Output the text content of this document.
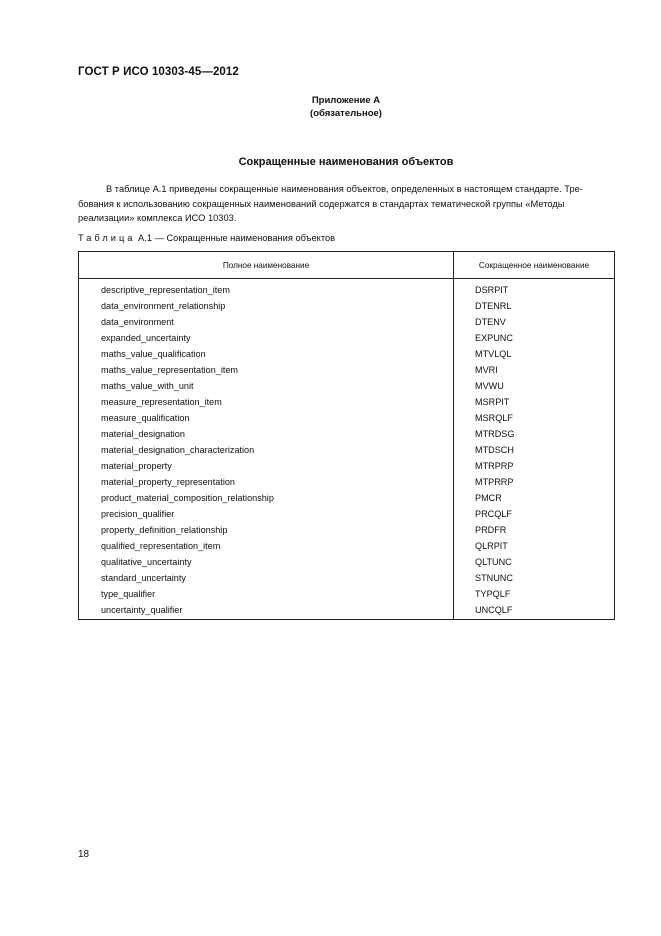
ГОСТ Р ИСО 10303-45—2012
Приложение А
(обязательное)
Сокращенные наименования объектов
В таблице А.1 приведены сокращенные наименования объектов, определенных в настоящем стандарте. Тре-
бования к использованию сокращенных наименований содержатся в стандартах тематической группы «Методы
реализации» комплекса ИСО 10303.
Таблица А.1 — Сокращенные наименования объектов
Полное наименование	Сокращенное наименование
descriptive_representation_item	DSRPIT
data_environment_relationship	DTENRL
data_environment	DTENV
expanded_uncertainty	EXPUNC
maths_value_qualification	MTVLQL
maths_value_representation_item	MVRI
maths_value_with_unit	MVWU
measure_representation_item	MSRPIT
measure_qualification	MSRQLF
material_designation	MTRDSG
material_designation_characterization	MTDSCH
material_property	MTRPRP
material_property_representation	MTPRRP
product_material_composition_relationship	PMCR
precision_qualifier	PRCQLF
property_definition_relationship	PRDFR
qualified_representation_item	QLRPIT
qualitative_uncertainty	QLTUNC
standard_uncertainty	STNUNC
type_qualifier	TYPQLF
uncertainty_qualifier	UNCQLF
18
